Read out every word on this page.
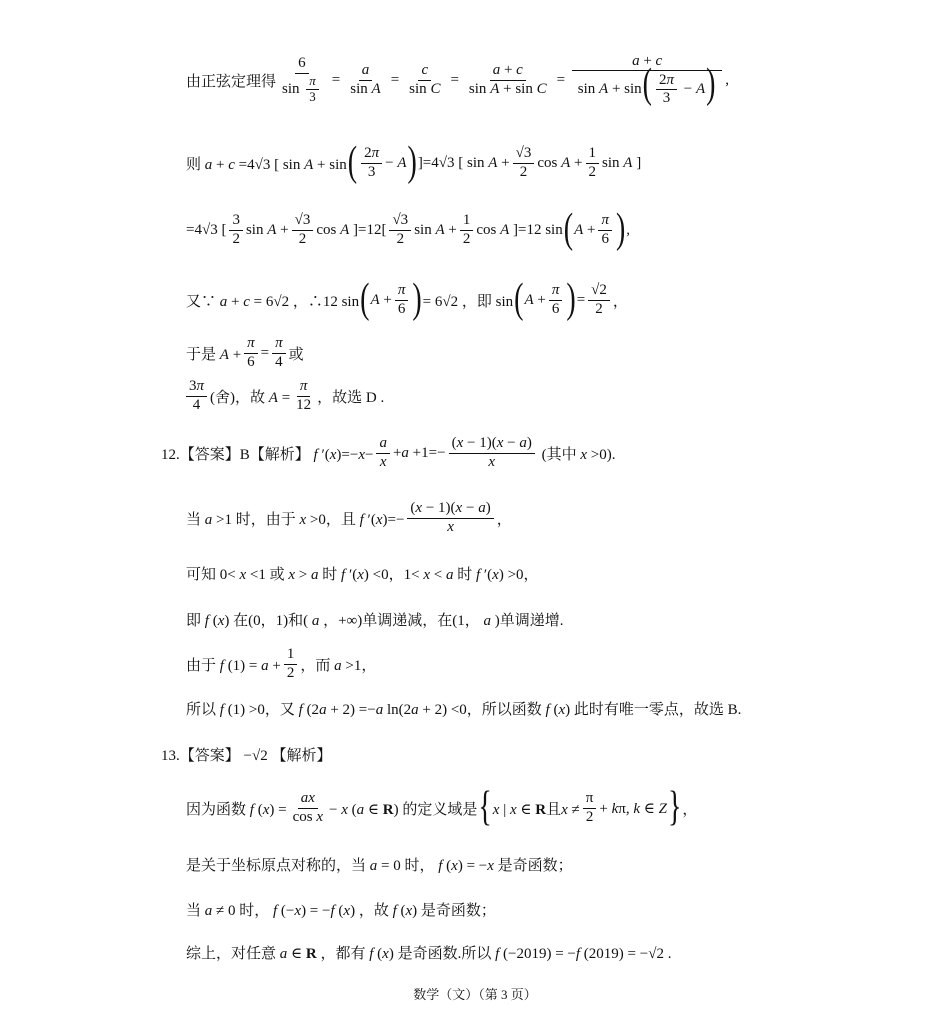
由正弦定理得 $\frac{6}{\sin \frac{\pi}{3}} = \frac{a}{\text{sin A}} = \frac{c}{\text{sin C}} = \frac{a + c}{\text{sin A + sin C}} = \frac{a + c}{\sin A + \sin( \frac{2\pi}{3} - A)}$ ,
则 a + c =4√3 [ sin A + sin ( $\frac{2\pi}{3} - A$ ) ]=4√3 [ $\sin A + \frac{√3}{2}$ $\cos A + \frac{1}{2}$ sin A ]
=4√3 [ $\frac{3}{2}$ $\sin A + \frac{√3}{2}$ cos A ]$=12[ \frac{√3}{2}$ $\sin A + \frac{1}{2}$ cos A ]=12 sin ( $A + \frac{\pi}{6}$ ) ,
又∵ a + c = 6√2 ，∴12 sin ( $A + \frac{\pi}{6}$ ) = 6√2 ，即 sin ( $A + \frac{\pi}{6}$ ) = $\frac{√2}{2}$ ，
于是 $A + \frac{\pi}{6} = \frac{\pi}{4}$ 或
$\frac{3\pi}{4}$ (舍)，故 $A = \frac{\pi}{12}$ ，故选 D .
12.【答案】B【解析】 f $'(x)=-x- \frac{a}{x} +a +1=- \frac{(x - 1)(x - a)}{x}$ (其中 x >0).
当 a >1 时，由于 x >0，且 f $'(x)=- \frac{(x - 1)(x - a)}{x}$ ，
可知 0< x <1 或 x > a 时 f ′(x) <0，1< x < a 时 f ′(x) >0，
即 f (x) 在(0，1)和( a ，+∞)单调递减，在(1， a )单调递增.
由于 f $(1) = a + \frac{1}{2}$ ，而 a >1，
所以 f (1) >0，又 f (2a + 2) =−a ln(2a + 2) <0，所以函数 f (x) 此时有唯一零点，故选 B.
13.【答案】 −√2 【解析】
因为函数 f $(x) = \frac{ax}{\text{cos x}} - x$ (a ∈ R) 的定义域是 { x | x ∈ R且$x \ne \frac{\pi}{2} + k\pi$, k ∈ Z } ，
是关于坐标原点对称的，当 a = 0 时， f (x) = −x 是奇函数；
当 a ≠ 0 时， f (−x) = −f (x) ，故 f (x) 是奇函数；
综上，对任意 a ∈ R ，都有 f (x) 是奇函数.所以 f (−2019) = −f (2019) = −√2 .
数学（文）（第 3 页）
